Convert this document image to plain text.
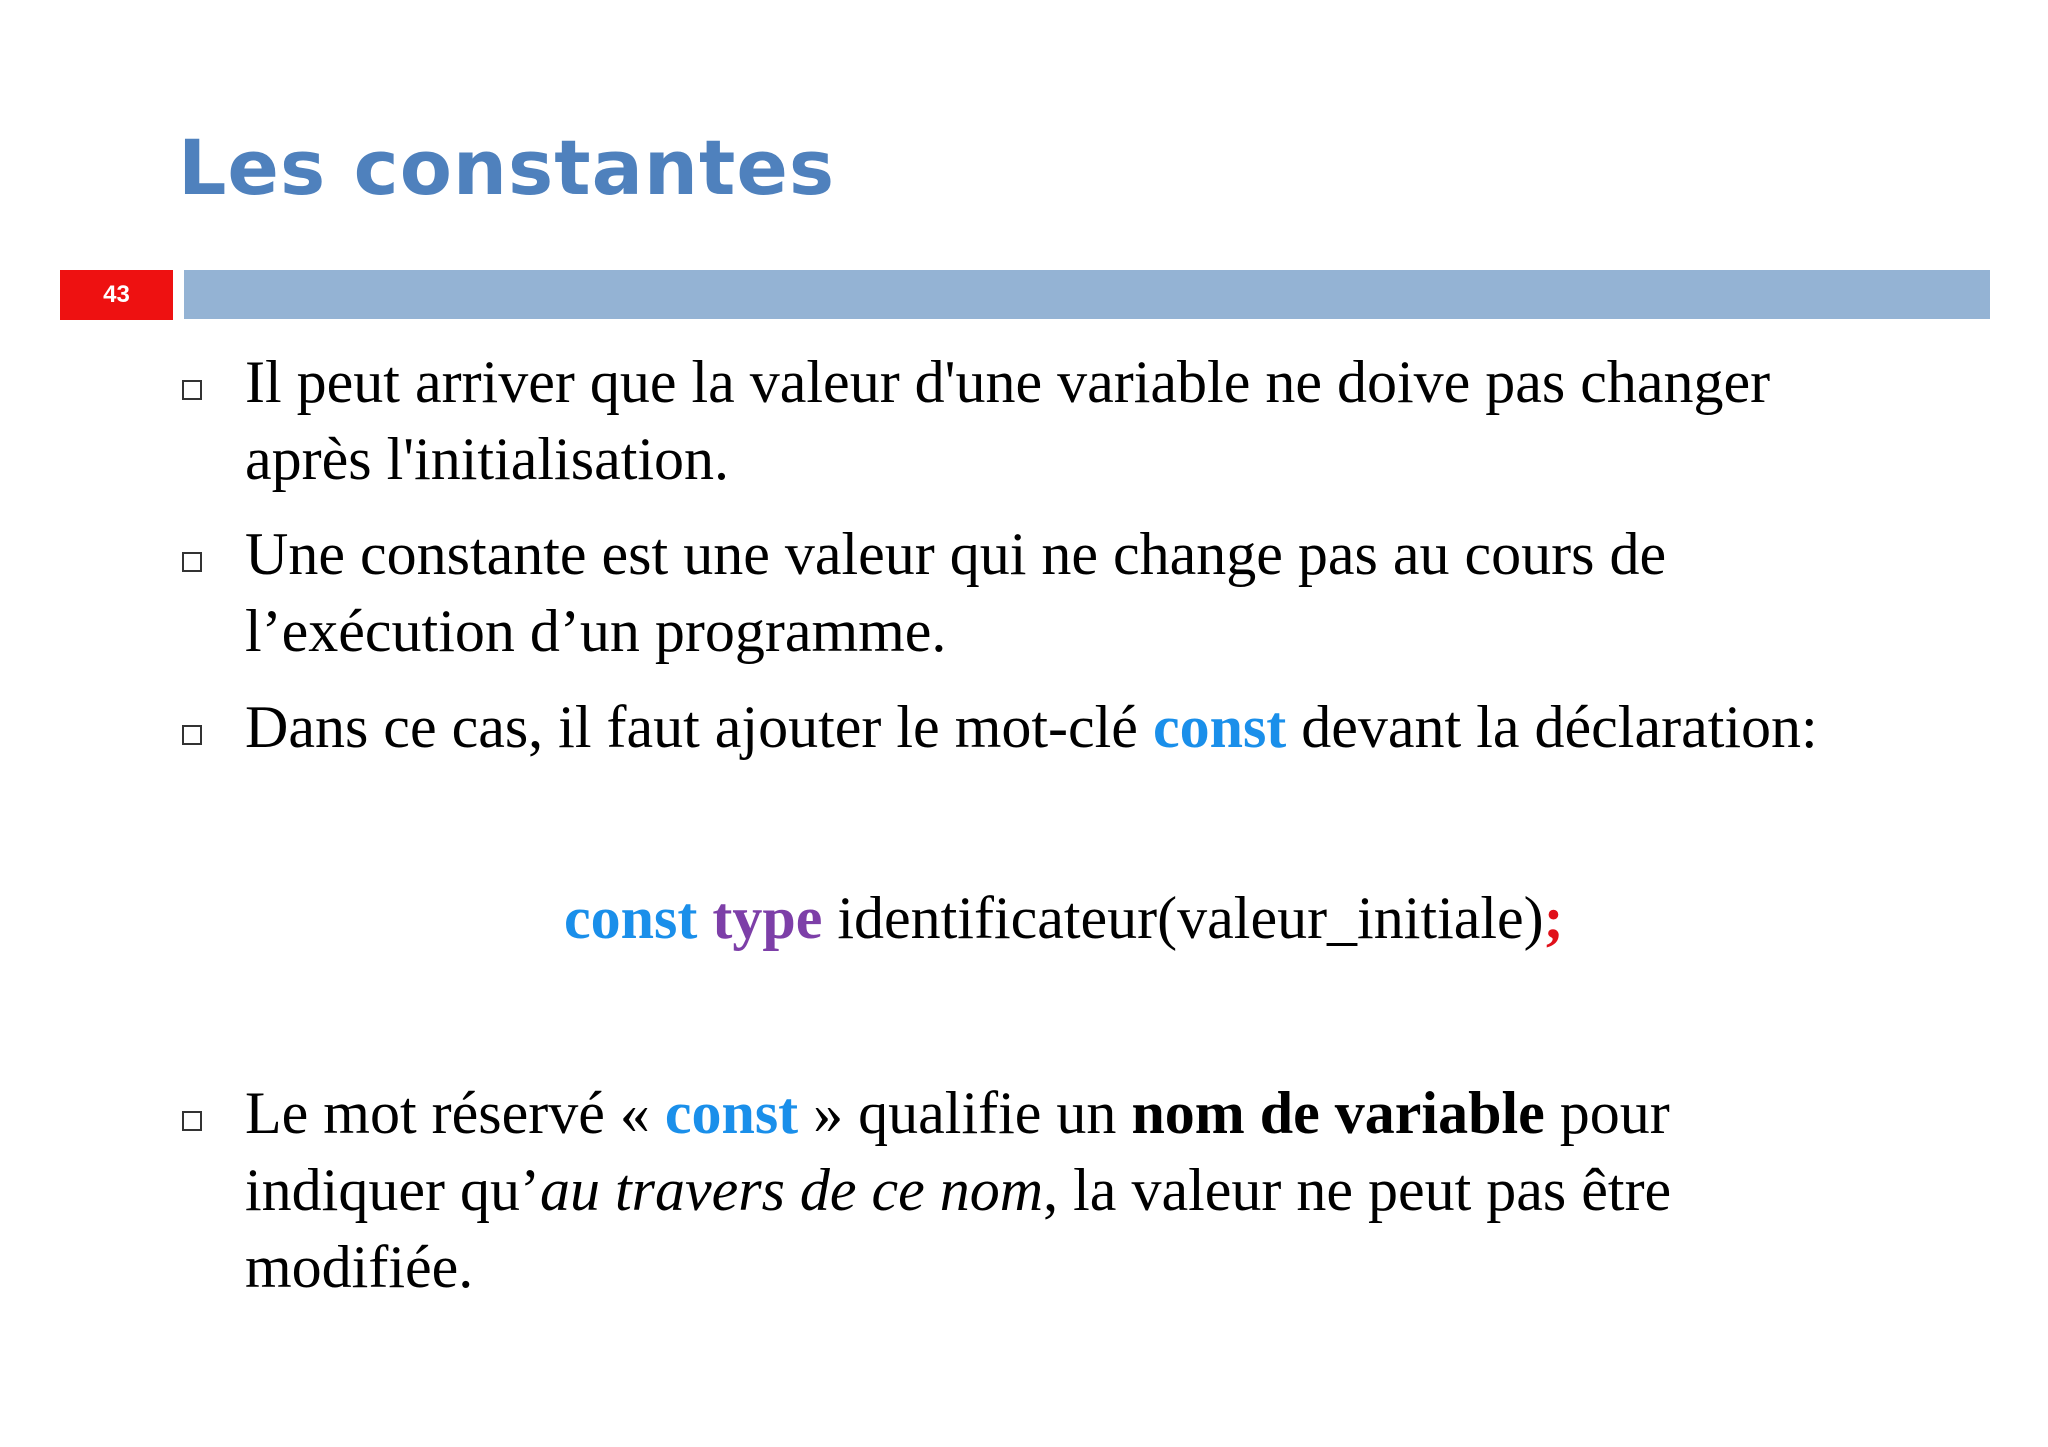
Les constantes
43
Il peut arriver que la valeur d'une variable ne doive pas changer
après l'initialisation.
Une constante est une valeur qui ne change pas au cours de
l’exécution d’un programme.
Dans ce cas, il faut ajouter le mot-clé const devant la déclaration:
const type identificateur(valeur_initiale);
Le mot réservé « const » qualifie un nom de variable pour
indiquer qu’au travers de ce nom, la valeur ne peut pas être
modifiée.
